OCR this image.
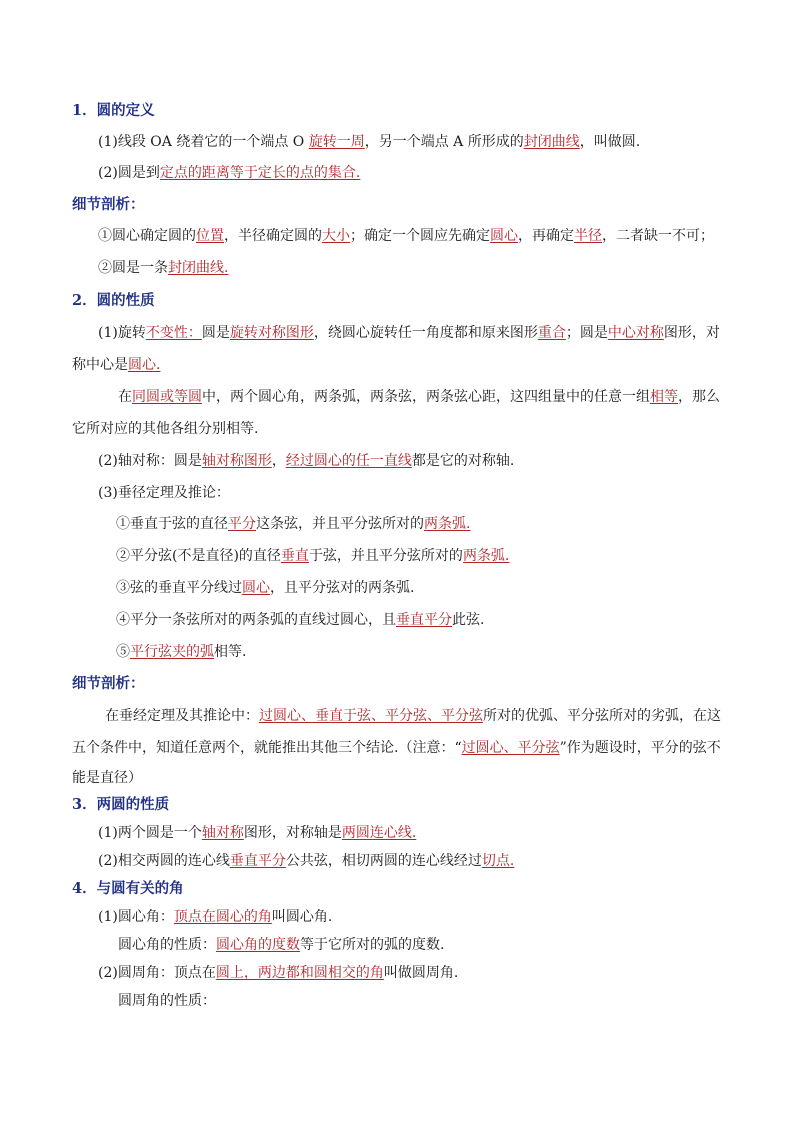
1．圆的定义
(1)线段 OA 绕着它的一个端点 O 旋转一周，另一个端点 A 所形成的封闭曲线，叫做圆.
(2)圆是到定点的距离等于定长的点的集合.
细节剖析：
①圆心确定圆的位置，半径确定圆的大小；确定一个圆应先确定圆心，再确定半径，二者缺一不可；
②圆是一条封闭曲线.
2．圆的性质
(1)旋转不变性：圆是旋转对称图形，绕圆心旋转任一角度都和原来图形重合；圆是中心对称图形，对
称中心是圆心.
在同圆或等圆中，两个圆心角，两条弧，两条弦，两条弦心距，这四组量中的任意一组相等，那么
它所对应的其他各组分别相等.
(2)轴对称：圆是轴对称图形，经过圆心的任一直线都是它的对称轴.
(3)垂径定理及推论：
①垂直于弦的直径平分这条弦，并且平分弦所对的两条弧.
②平分弦(不是直径)的直径垂直于弦，并且平分弦所对的两条弧.
③弦的垂直平分线过圆心，且平分弦对的两条弧.
④平分一条弦所对的两条弧的直线过圆心，且垂直平分此弦.
⑤平行弦夹的弧相等.
细节剖析：
在垂经定理及其推论中：过圆心、垂直于弦、平分弦、平分弦所对的优弧、平分弦所对的劣弧，在这
五个条件中，知道任意两个，就能推出其他三个结论.（注意：“过圆心、平分弦”作为题设时，平分的弦不
能是直径）
3．两圆的性质
(1)两个圆是一个轴对称图形，对称轴是两圆连心线.
(2)相交两圆的连心线垂直平分公共弦，相切两圆的连心线经过切点.
4．与圆有关的角
(1)圆心角：顶点在圆心的角叫圆心角.
圆心角的性质：圆心角的度数等于它所对的弧的度数.
(2)圆周角：顶点在圆上，两边都和圆相交的角叫做圆周角.
圆周角的性质：
